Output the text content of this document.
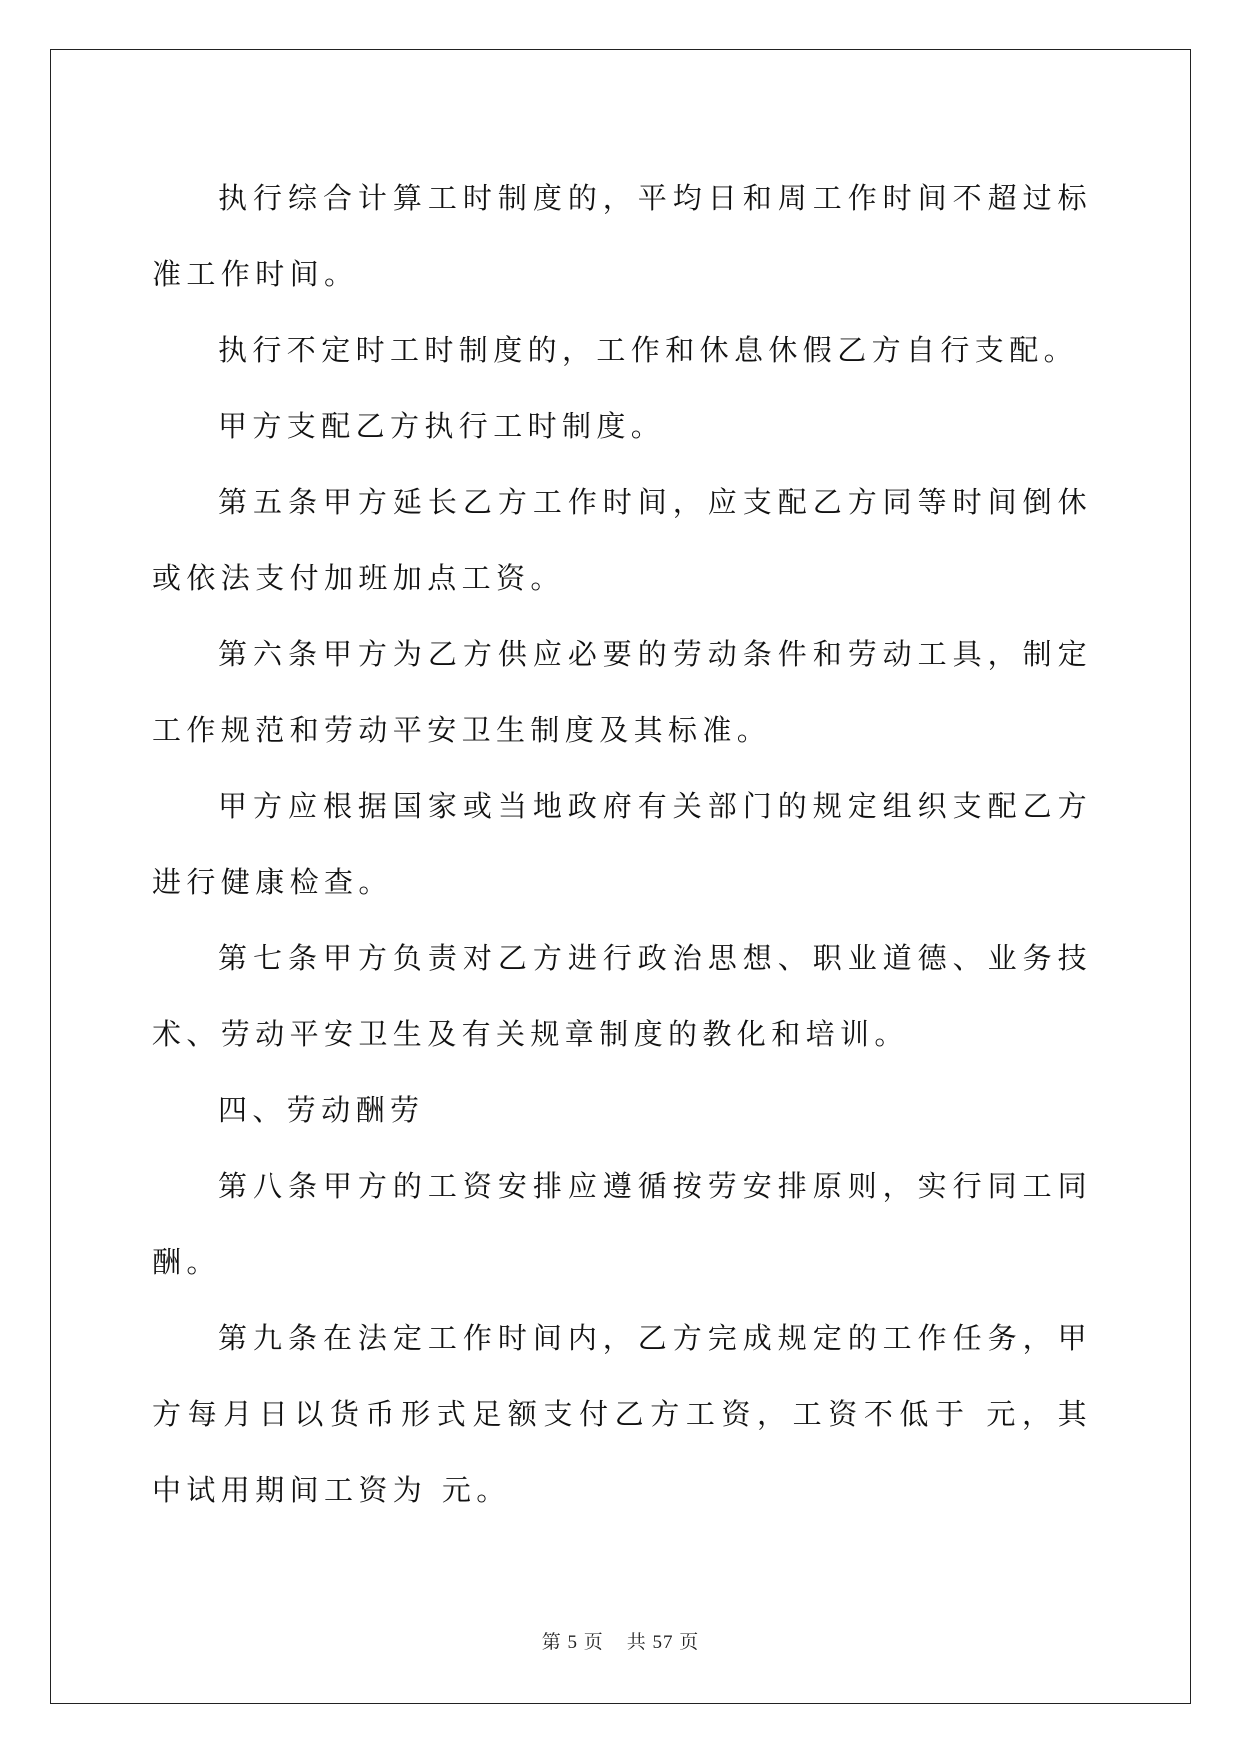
执行综合计算工时制度的，平均日和周工作时间不超过标准工作时间。

执行不定时工时制度的，工作和休息休假乙方自行支配。

甲方支配乙方执行工时制度。

第五条甲方延长乙方工作时间，应支配乙方同等时间倒休或依法支付加班加点工资。

第六条甲方为乙方供应必要的劳动条件和劳动工具，制定工作规范和劳动平安卫生制度及其标准。

甲方应根据国家或当地政府有关部门的规定组织支配乙方进行健康检查。

第七条甲方负责对乙方进行政治思想、职业道德、业务技术、劳动平安卫生及有关规章制度的教化和培训。

四、劳动酬劳

第八条甲方的工资安排应遵循按劳安排原则，实行同工同酬。

第九条在法定工作时间内，乙方完成规定的工作任务，甲方每月日以货币形式足额支付乙方工资，工资不低于 元，其中试用期间工资为 元。

第 5 页 共 57 页
